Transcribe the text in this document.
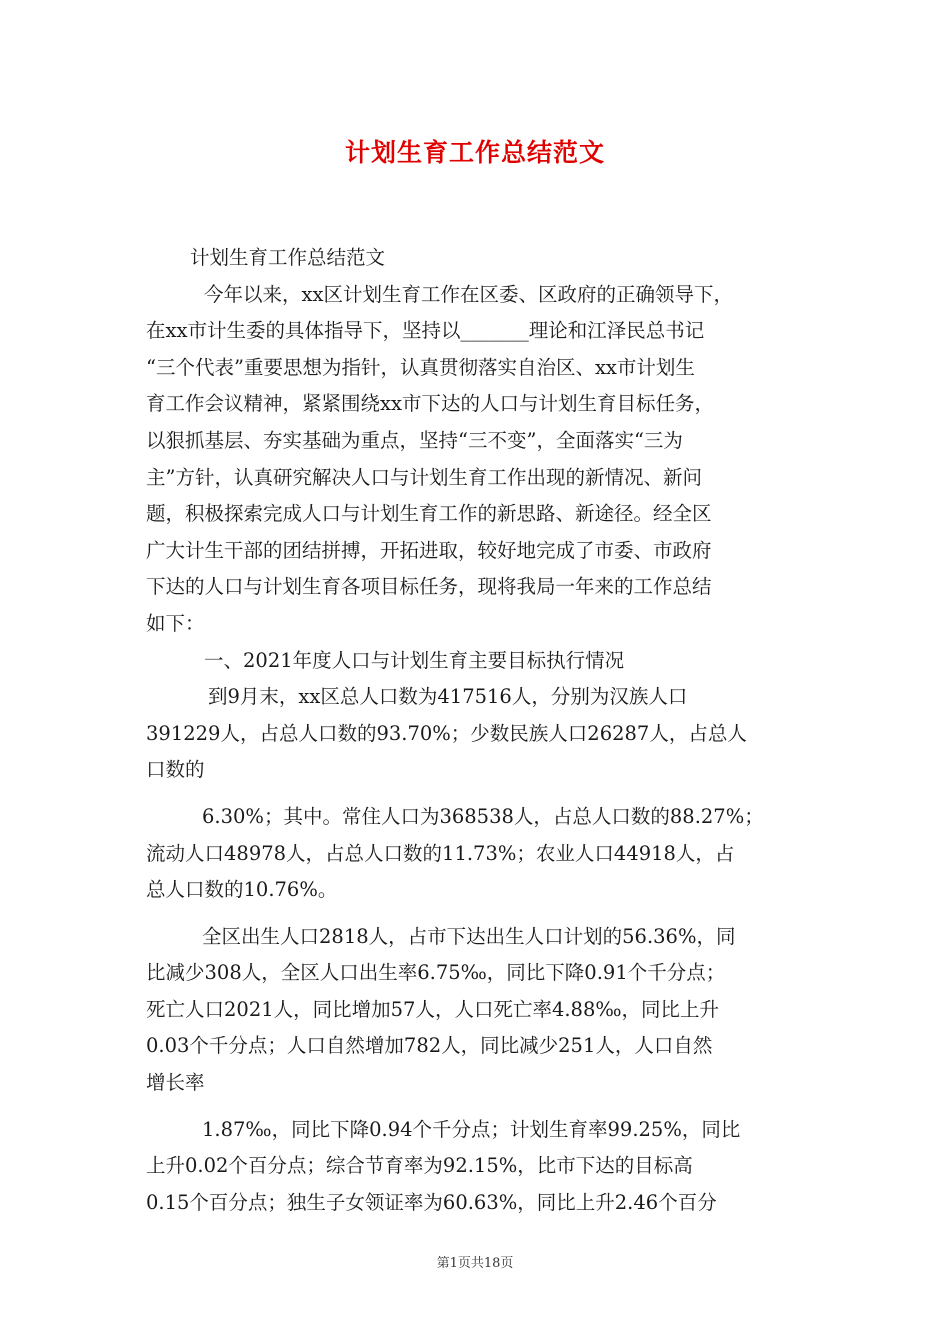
计划生育工作总结范文

计划生育工作总结范文

今年以来，xx区计划生育工作在区委、区政府的正确领导下，

在xx市计生委的具体指导下，坚持以_______理论和江泽民总书记

“三个代表”重要思想为指针，认真贯彻落实自治区、xx市计划生

育工作会议精神，紧紧围绕xx市下达的人口与计划生育目标任务，

以狠抓基层、夯实基础为重点，坚持“三不变”，全面落实“三为

主”方针，认真研究解决人口与计划生育工作出现的新情况、新问

题，积极探索完成人口与计划生育工作的新思路、新途径。经全区

广大计生干部的团结拼搏，开拓进取，较好地完成了市委、市政府

下达的人口与计划生育各项目标任务，现将我局一年来的工作总结

如下：

一、2021年度人口与计划生育主要目标执行情况

到9月末，xx区总人口数为417516人，分别为汉族人口

391229人，占总人口数的93.70%；少数民族人口26287人，占总人

口数的

6.30%；其中。常住人口为368538人，占总人口数的88.27%；

流动人口48978人，占总人口数的11.73%；农业人口44918人，占

总人口数的10.76%。

全区出生人口2818人，占市下达出生人口计划的56.36%，同

比减少308人，全区人口出生率6.75‰，同比下降0.91个千分点；

死亡人口2021人，同比增加57人，人口死亡率4.88‰，同比上升

0.03个千分点；人口自然增加782人，同比减少251人，人口自然

增长率

1.87‰，同比下降0.94个千分点；计划生育率99.25%，同比

上升0.02个百分点；综合节育率为92.15%，比市下达的目标高

0.15个百分点；独生子女领证率为60.63%，同比上升2.46个百分

第1页共18页
